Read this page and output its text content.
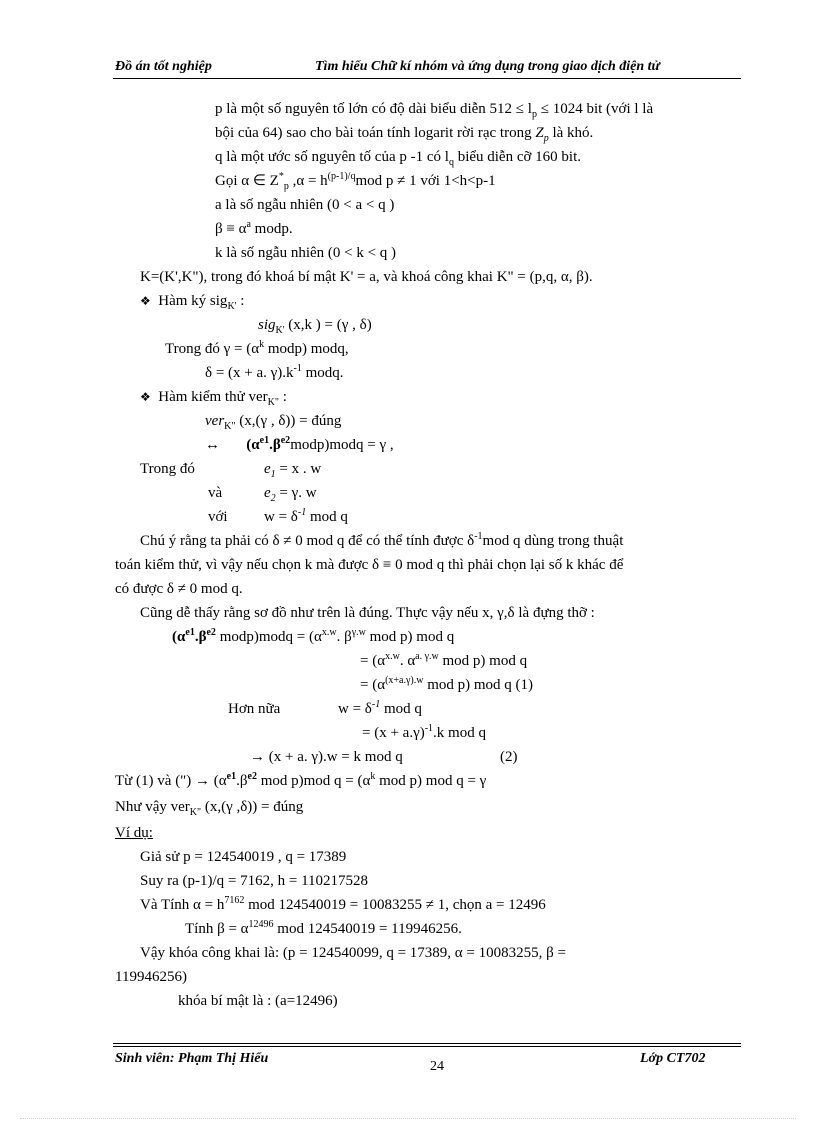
Đồ án tốt nghiệp	Tìm hiểu Chữ kí nhóm và ứng dụng trong giao dịch điện tử
p là một số nguyên tố lớn có độ dài biểu diễn $512 \le l_p \le 1024$ bit (với l là
bội của 64) sao cho bài toán tính logarit rời rạc trong $Z_p$ là khó.
q là một ước số nguyên tố của p -1 có $l_q$ biểu diễn cỡ 160 bit.
Gọi α ∈ $Z^*_p$ $,\alpha = h^{(p-1)/q}mod$ p ≠ 1 với 1<h<p-1
a là số ngẫu nhiên (0 < a < q )
$\beta \equiv \alpha^a$ modp.
k là số ngẫu nhiên (0 < k < q )
K=(K',K"), trong đó khoá bí mật K' = a, và khoá công khai K" = (p,q, α, β).
❖ Hàm ký sig$_{K'}$ :
sig$_{K'}$ (x,k ) = (γ , δ)
Trong đó $\gamma = (\alpha^k$ modp) modq,
δ = (x + a. $\gamma).k^{-1}$ modq.
❖ Hàm kiểm thử ver$_{K"}$ :
ver$_{K"}$ (x,(γ , δ)) = đúng
↔ $(\alpha^{e1}.\beta^{e2}modp)modq = \gamma$ ,
Trong đó	$e_1 = x$ . w
và	$e_2 = \gamma$. w
với $w = \delta^{-1}$ mod q
Chú ý rằng ta phải có δ ≠ 0 mod q để có thể tính được $\delta^{-1}mod$ q dùng trong thuật
toán kiểm thử, vì vậy nếu chọn k mà được δ ≡ 0 mod q thì phải chọn lại số k khác để
có được δ ≠ 0 mod q.
Cũng dễ thấy rằng sơ đồ như trên là đúng. Thực vậy nếu x, γ,δ là đựng thỡ :
($\alpha^{e1}.\beta^{e2}$ modp)modq = ($\alpha^{x.w}$. $\beta^{\gamma.w}$ mod p) mod q
= ($\alpha^{x.w}$. $\alpha^{a. \gamma.w}$ mod p) mod q
= ($\alpha^{(x+a.\gamma).w}$ mod p) mod q (1)
Hơn nữa	$w = \delta^{-1}$ mod q
= $(x + a.\gamma)^{-1}.k$ mod q
→ (x + a. γ).w = k mod q	(2)
Từ (1) và (") → ($\alpha^{e1}.\beta^{e2}$ mod p)mod $q = (\alpha^k$ mod p) mod q = γ
Như vậy ver$_{K"}$ (x,(γ ,δ)) = đúng
Ví dụ:
Giả sử p = 124540019 , q = 17389
Suy ra (p-1)/q = 7162, h = 110217528
Và Tính $\alpha = h^{7162}$ mod 124540019 = 10083255 ≠ 1, chọn a = 12496
Tính $\beta = \alpha^{12496}$ mod 124540019 = 119946256.
Vậy khóa công khai là: (p = 124540099, q = 17389, α = 10083255, β =
119946256)
khóa bí mật là : (a=12496)
Sinh viên: Phạm Thị Hiểu
24
Lớp CT702
